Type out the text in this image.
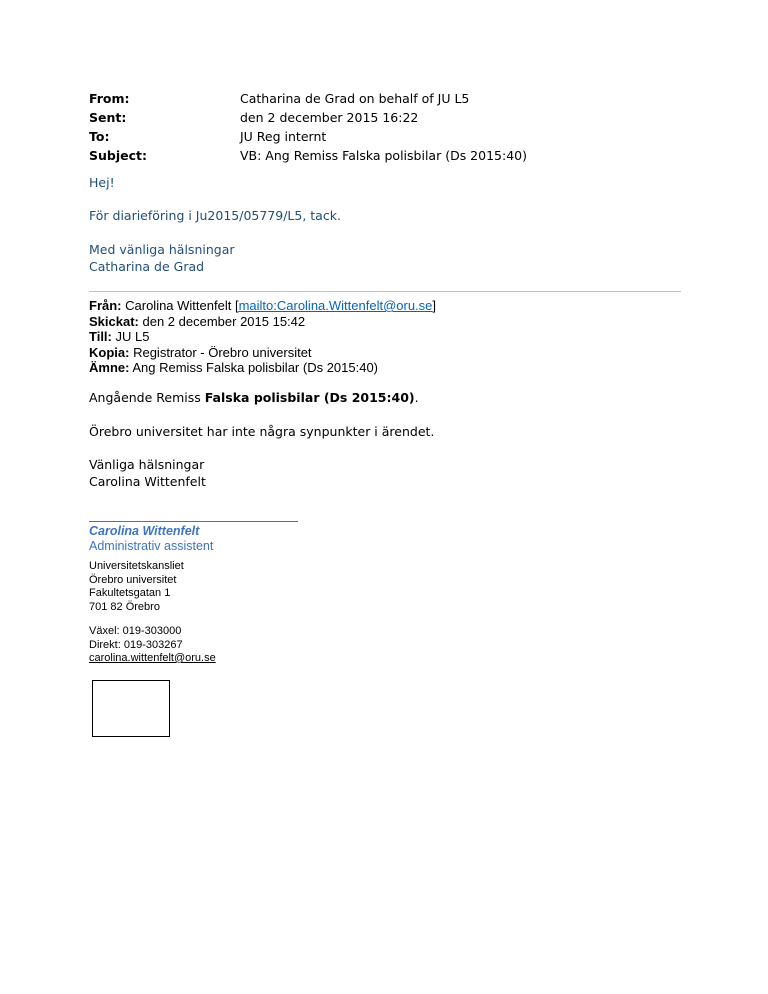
From:	Catharina de Grad on behalf of JU L5
Sent:	den 2 december 2015 16:22
To:	JU Reg internt
Subject:	VB: Ang Remiss Falska polisbilar (Ds 2015:40)
Hej!
För diarieföring i Ju2015/05779/L5, tack.
Med vänliga hälsningar
Catharina de Grad
Från: Carolina Wittenfelt [mailto:Carolina.Wittenfelt@oru.se]
Skickat: den 2 december 2015 15:42
Till: JU L5
Kopia: Registrator - Örebro universitet
Ämne: Ang Remiss Falska polisbilar (Ds 2015:40)
Angående Remiss Falska polisbilar (Ds 2015:40).
Örebro universitet har inte några synpunkter i ärendet.
Vänliga hälsningar
Carolina Wittenfelt
Carolina Wittenfelt
Administrativ assistent
Universitetskansliet
Örebro universitet
Fakultetsgatan 1
701 82 Örebro
Växel: 019-303000
Direkt: 019-303267
carolina.wittenfelt@oru.se
